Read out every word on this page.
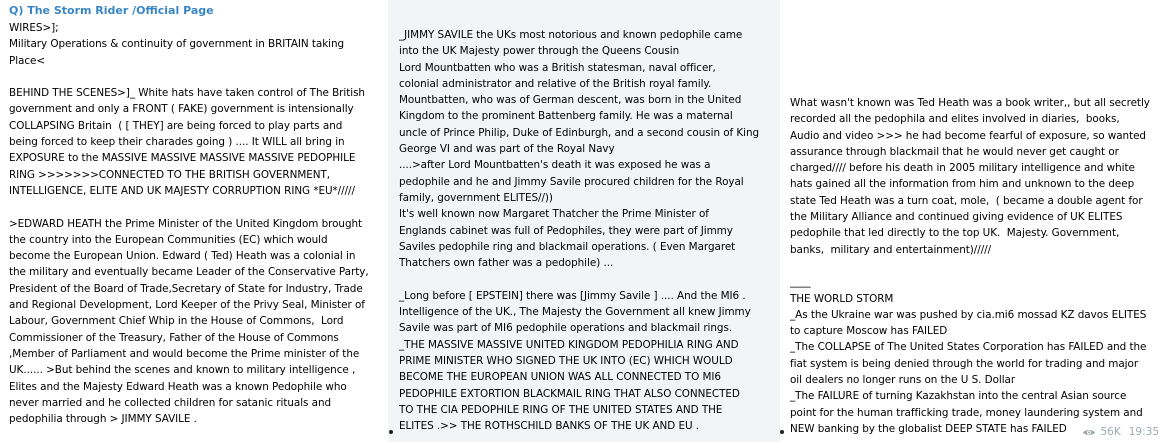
Q) The Storm Rider /Official Page

WIRES>];
Military Operations & continuity of government in BRITAIN taking
Place<

BEHIND THE SCENES>]_ White hats have taken control of The British
government and only a FRONT ( FAKE) government is intensionally
COLLAPSING Britain  ( [ THEY] are being forced to play parts and
being forced to keep their charades going ) .... It WILL all bring in
EXPOSURE to the MASSIVE MASSIVE MASSIVE MASSIVE PEDOPHILE
RING >>>>>>>CONNECTED TO THE BRITISH GOVERNMENT,
INTELLIGENCE, ELITE AND UK MAJESTY CORRUPTION RING *EU*/////

>EDWARD HEATH the Prime Minister of the United Kingdom brought
the country into the European Communities (EC) which would
become the European Union. Edward ( Ted) Heath was a colonial in
the military and eventually became Leader of the Conservative Party,
President of the Board of Trade,Secretary of State for Industry, Trade
and Regional Development, Lord Keeper of the Privy Seal, Minister of
Labour, Government Chief Whip in the House of Commons,  Lord
Commissioner of the Treasury, Father of the House of Commons
,Member of Parliament and would become the Prime minister of the
UK...... >But behind the scenes and known to military intelligence ,
Elites and the Majesty Edward Heath was a known Pedophile who
never married and he collected children for satanic rituals and
pedophilia through > JIMMY SAVILE .

_JIMMY SAVILE the UKs most notorious and known pedophile came
into the UK Majesty power through the Queens Cousin
Lord Mountbatten who was a British statesman, naval officer,
colonial administrator and relative of the British royal family.
Mountbatten, who was of German descent, was born in the United
Kingdom to the prominent Battenberg family. He was a maternal
uncle of Prince Philip, Duke of Edinburgh, and a second cousin of King
George VI and was part of the Royal Navy
....>after Lord Mountbatten's death it was exposed he was a
pedophile and he and Jimmy Savile procured children for the Royal
family, government ELITES//))
It's well known now Margaret Thatcher the Prime Minister of
Englands cabinet was full of Pedophiles, they were part of Jimmy
Saviles pedophile ring and blackmail operations. ( Even Margaret
Thatchers own father was a pedophile) ...

_Long before [ EPSTEIN] there was [Jimmy Savile ] .... And the MI6 .
Intelligence of the UK., The Majesty the Government all knew Jimmy
Savile was part of MI6 pedophile operations and blackmail rings.
_THE MASSIVE MASSIVE UNITED KINGDOM PEDOPHILIA RING AND
PRIME MINISTER WHO SIGNED THE UK INTO (EC) WHICH WOULD
BECOME THE EUROPEAN UNION WAS ALL CONNECTED TO MI6
PEDOPHILE EXTORTION BLACKMAIL RING THAT ALSO CONNECTED
TO THE CIA PEDOPHILE RING OF THE UNITED STATES AND THE
ELITES .>> THE ROTHSCHILD BANKS OF THE UK AND EU .

What wasn't known was Ted Heath was a book writer,, but all secretly
recorded all the pedophila and elites involved in diaries,  books,
Audio and video >>> he had become fearful of exposure, so wanted
assurance through blackmail that he would never get caught or
charged//// before his death in 2005 military intelligence and white
hats gained all the information from him and unknown to the deep
state Ted Heath was a turn coat, mole,  ( became a double agent for
the Military Alliance and continued giving evidence of UK ELITES
pedophile that led directly to the top UK.  Majesty. Government,
banks,  military and entertainment)/////

____
THE WORLD STORM
_As the Ukraine war was pushed by cia.mi6 mossad KZ davos ELITES
to capture Moscow has FAILED
_The COLLAPSE of The United States Corporation has FAILED and the
fiat system is being denied through the world for trading and major
oil dealers no longer runs on the U S. Dollar
_The FAILURE of turning Kazakhstan into the central Asian source
point for the human trafficking trade, money laundering system and
NEW banking by the globalist DEEP STATE has FAILED	56K 19:35
